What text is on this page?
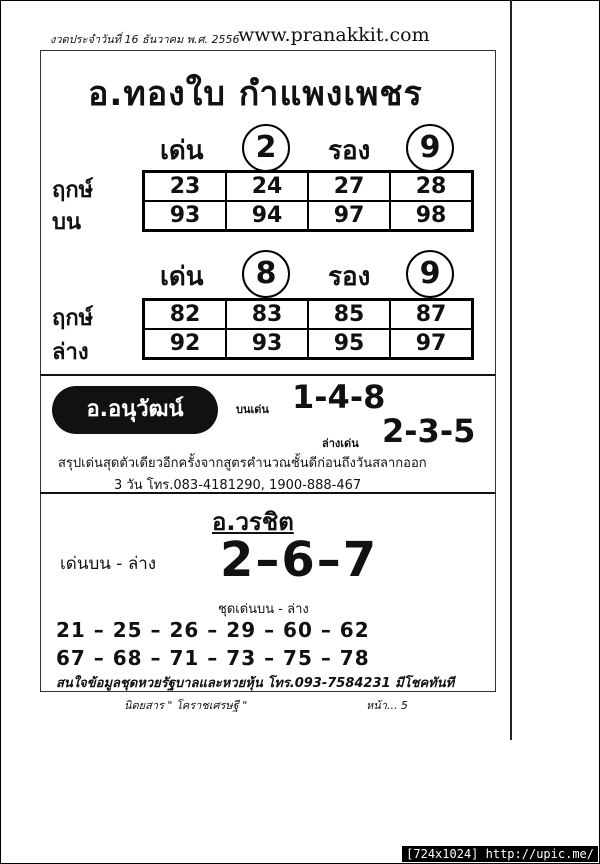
งวดประจำวันที่ 16 ธันวาคม พ.ศ. 2556
www.pranakkit.com
อ.ทองใบ กำแพงเพชร
เด่น	2	รอง	9
ฤกษ์
บน
23	24	27	28
93	94	97	98
เด่น	8	รอง	9
ฤกษ์
ล่าง
82	83	85	87
92	93	95	97
อ.อนุวัฒน์	บนเด่น 1-4-8
ล่างเด่น 2-3-5
สรุปเด่นสุดตัวเดียวอีกครั้งจากสูตรคำนวณชั้นดีก่อนถึงวันสลากออก
3 วัน โทร.083-4181290, 1900-888-467
อ.วรชิต
เด่นบน - ล่าง 2–6–7
ชุดเด่นบน - ล่าง
21 – 25 – 26 – 29 – 60 – 62
67 – 68 – 71 – 73 – 75 – 78
สนใจข้อมูลชุดหวยรัฐบาลและหวยหุ้น โทร.093-7584231 มีโชคทันที
นิตยสาร " โคราชเศรษฐี "	หน้า... 5
[724x1024] http://upic.me/
